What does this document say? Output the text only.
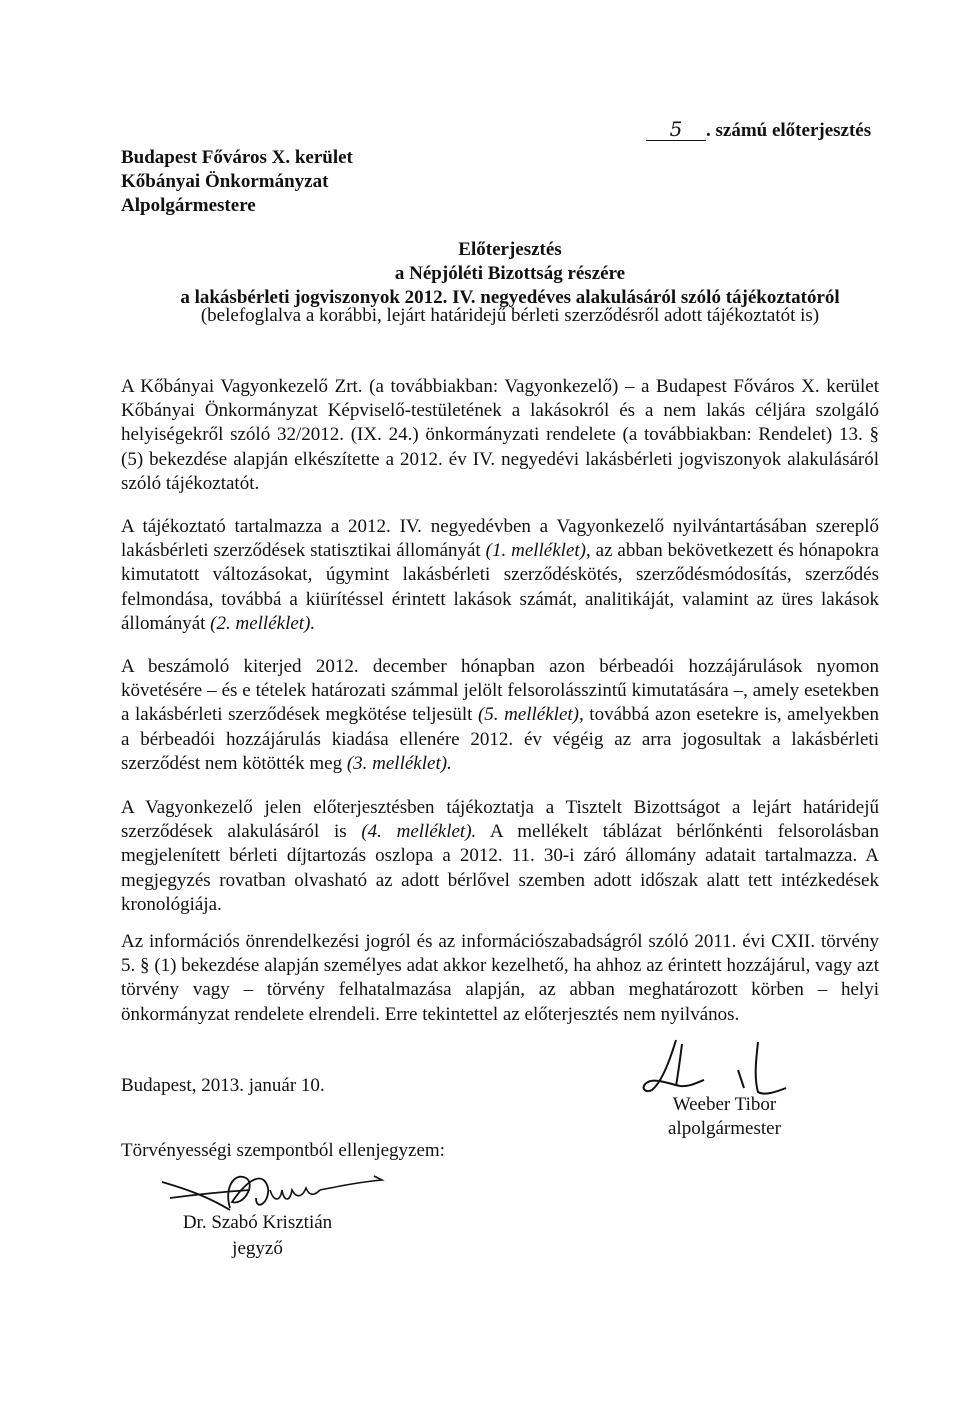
Budapest Főváros X. kerület
Kőbányai Önkormányzat
Alpolgármestere
5 . számú előterjesztés
Előterjesztés
a Népjóléti Bizottság részére
a lakásbérleti jogviszonyok 2012. IV. negyedéves alakulásáról szóló tájékoztatóról
(belefoglalva a korábbi, lejárt határidejű bérleti szerződésről adott tájékoztatót is)
A Kőbányai Vagyonkezelő Zrt. (a továbbiakban: Vagyonkezelő) – a Budapest Főváros X. kerület Kőbányai Önkormányzat Képviselő-testületének a lakásokról és a nem lakás céljára szolgáló helyiségekről szóló 32/2012. (IX. 24.) önkormányzati rendelete (a továbbiakban: Rendelet) 13. § (5) bekezdése alapján elkészítette a 2012. év IV. negyedévi lakásbérleti jogviszonyok alakulásáról szóló tájékoztatót.
A tájékoztató tartalmazza a 2012. IV. negyedévben a Vagyonkezelő nyilvántartásában szereplő lakásbérleti szerződések statisztikai állományát (1. melléklet), az abban bekövetkezett és hónapokra kimutatott változásokat, úgymint lakásbérleti szerződéskötés, szerződésmódosítás, szerződés felmondása, továbbá a kiürítéssel érintett lakások számát, analitikáját, valamint az üres lakások állományát (2. melléklet).
A beszámoló kiterjed 2012. december hónapban azon bérbeadói hozzájárulások nyomon követésére – és e tételek határozati számmal jelölt felsorolásszintű kimutatására –, amely esetekben a lakásbérleti szerződések megkötése teljesült (5. melléklet), továbbá azon esetekre is, amelyekben a bérbeadói hozzájárulás kiadása ellenére 2012. év végéig az arra jogosultak a lakásbérleti szerződést nem kötötték meg (3. melléklet).
A Vagyonkezelő jelen előterjesztésben tájékoztatja a Tisztelt Bizottságot a lejárt határidejű szerződések alakulásáról is (4. melléklet). A mellékelt táblázat bérlőnkénti felsorolásban megjelenített bérleti díjtartozás oszlopa a 2012. 11. 30-i záró állomány adatait tartalmazza. A megjegyzés rovatban olvasható az adott bérlővel szemben adott időszak alatt tett intézkedések kronológiája.
Az információs önrendelkezési jogról és az információszabadságról szóló 2011. évi CXII. törvény 5. § (1) bekezdése alapján személyes adat akkor kezelhető, ha ahhoz az érintett hozzájárul, vagy azt törvény vagy – törvény felhatalmazása alapján, az abban meghatározott körben – helyi önkormányzat rendelete elrendeli. Erre tekintettel az előterjesztés nem nyilvános.
Budapest, 2013. január 10.
Weeber Tibor
alpolgármester
Törvényességi szempontból ellenjegyzem:
Dr. Szabó Krisztián
jegyző
